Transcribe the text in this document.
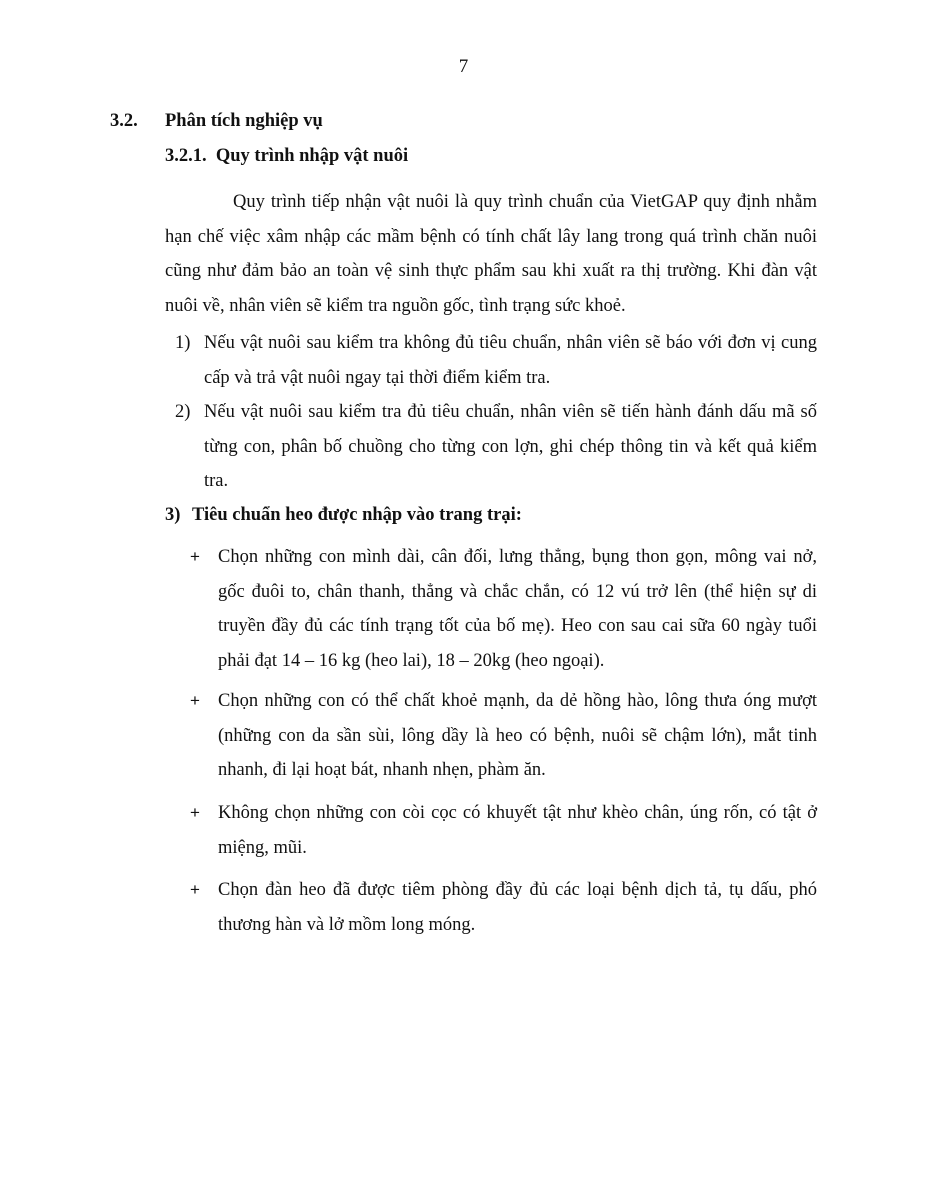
7
3.2. Phân tích nghiệp vụ
3.2.1.  Quy trình nhập vật nuôi

Quy trình tiếp nhận vật nuôi là quy trình chuẩn của VietGAP quy định nhằm hạn chế việc xâm nhập các mầm bệnh có tính chất lây lang trong quá trình chăn nuôi cũng như đảm bảo an toàn vệ sinh thực phẩm sau khi xuất ra thị trường. Khi đàn vật nuôi về, nhân viên sẽ kiểm tra nguồn gốc, tình trạng sức khoẻ.

1) Nếu vật nuôi sau kiểm tra không đủ tiêu chuẩn, nhân viên sẽ báo với đơn vị cung cấp và trả vật nuôi ngay tại thời điểm kiểm tra.
2) Nếu vật nuôi sau kiểm tra đủ tiêu chuẩn, nhân viên sẽ tiến hành đánh dấu mã số từng con, phân bố chuồng cho từng con lợn, ghi chép thông tin và kết quả kiểm tra.
3) Tiêu chuẩn heo được nhập vào trang trại:
+ Chọn những con mình dài, cân đối, lưng thẳng, bụng thon gọn, mông vai nở, gốc đuôi to, chân thanh, thẳng và chắc chắn, có 12 vú trở lên (thể hiện sự di truyền đầy đủ các tính trạng tốt của bố mẹ). Heo con sau cai sữa 60 ngày tuổi phải đạt 14 – 16 kg (heo lai), 18 – 20kg (heo ngoại).
+ Chọn những con có thể chất khoẻ mạnh, da dẻ hồng hào, lông thưa óng mượt (những con da sần sùi, lông dầy là heo có bệnh, nuôi sẽ chậm lớn), mắt tinh nhanh, đi lại hoạt bát, nhanh nhẹn, phàm ăn.
+ Không chọn những con còi cọc có khuyết tật như khèo chân, úng rốn, có tật ở miệng, mũi.
+ Chọn đàn heo đã được tiêm phòng đầy đủ các loại bệnh dịch tả, tụ dấu, phó thương hàn và lở mồm long móng.
